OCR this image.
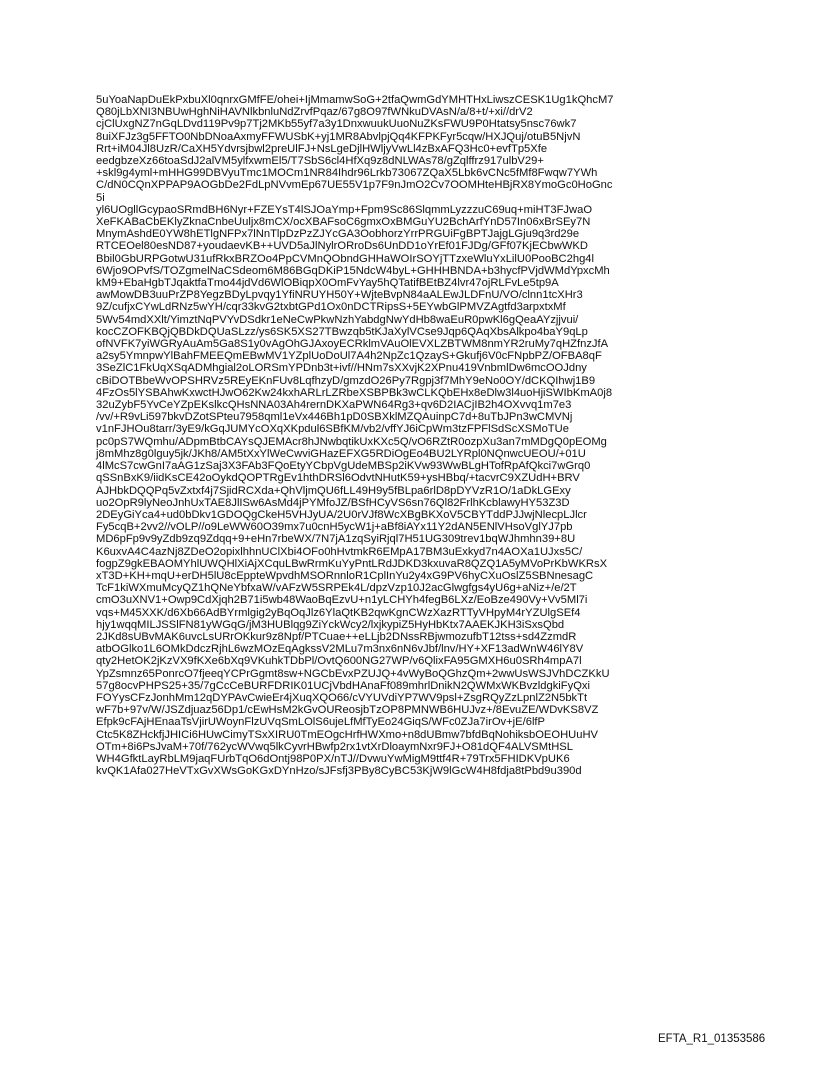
5uYoaNapDuEkPxbuXl0qnrxGMfFE/ohei+IjMmamwSoG+2tfaQwmGdYMHTHxLiwszCESK1Ug1kQhcM7
Q80jLbXNI3NBUwHghNiHAVNlkbnluNdZrvfPqaz/67g8O97fWNkuDVAsN/a/8+t/+xi//drV2
cjClUxgNZ7nGqLDvd119Pv9p7Tj2MKb55yf7a3y1DnxwuukUuoNuZKsFWU9P0Htatsy5nsc76wk7
8uiXFJz3g5FFTO0NbDNoaAxmyFFWUSbK+yj1MR8AbvlpjQq4KFPKFyr5cqw/HXJQuj/otuB5NjvN
Rrt+iM04Jl8UzR/CaXH5Ydvrsjbwl2preUlFJ+NsLgeDjlHWljyVwLl4zBxAFQ3Hc0+evfTp5Xfe
eedgbzeXz66toaSdJ2alVM5ylfxwmEl5/T7SbS6cl4HfXq9z8dNLWAs78/gZqlffrz917ulbV29+
+skl9g4yml+mHHG99DBVyuTmc1MOCm1NR84Ihdr96Lrkb73067ZQaX5Lbk6vCNc5fMf8Fwqw7YWh
C/dN0CQnXPPAP9AOGbDe2FdLpNVvmEp67UE55V1p7F9nJmO2Cv7OOMHteHBjRX8YmoGc0HoGnc
5i
yl6UOgllGcypaoSRmdBH6Nyr+FZEYsT4lSJOaYmp+Fpm9Sc86SlqmmLyzzzuC69uq+miHT3FJwaO
XeFKABaCbEKlyZknaCnbeUuljx8mCX/ocXBAFsoC6gmxOxBMGuYU2BchArfYnD57In06xBrSEy7N
MnymAshdE0YW8hETlgNFPx7lNnTlpDzPzZJYcGA3OobhorzYrrPRGUiFgBPTJajgLGju9q3rd29e
RTCEOel80esND87+youdaevKB++UVD5aJlNylrORroDs6UnDD1oYrEf01FJDg/GFf07KjECbwWKD
Bbil0GbURPGotwU31ufRkxBRZOo4PpCVMnQObndGHHaWOIrSOYjTTzxeWluYxLilU0PooBC2hg4l
6Wjo9OPvfS/TOZgmelNaCSdeom6M86BGqDKiP15NdcW4byL+GHHHBNDA+b3hycfPVjdWMdYpxcMh
kM9+EbaHgbTJqaktfaTmo44jdVd6WlOBiqpX0OmFvYay5hQTatifBEtBZ4lvr47ojRLFvLe5tp9A
awMowDB3uuPrZP8YegzBDyLpvqy1YfiNRUYH50Y+WjteBvpN84aALEwJLDFnU/VO/clnn1tcXHr3
9Z/cufjxCYwLdRNz5wYH/cqr33kvG2txbtGPd1Ox0nDCTRipsS+5EYwbGlPMVZAgtfd3arpxtxMf
5Wv54mdXXlt/YimztNqPVYvDSdkr1eNeCwPkwNzhYabdgNwYdHb8waEuR0pwKl6gQeaAYzjjvui/
kocCZOFKBQjQBDkDQUaSLzz/ys6SK5XS27TBwzqb5tKJaXylVCse9Jqp6QAqXbsAlkpo4baY9qLp
ofNVFK7yiWGRyAuAm5Ga8S1y0vAgOhGJAxoyECRklmVAuOlEVXLZBTWM8nmYR2ruMy7qHZfnzJfA
a2sy5YmnpwYlBahFMEEQmEBwMV1YZplUoDoUl7A4h2NpZc1QzayS+Gkufj6V0cFNpbPZ/OFBA8qF
3SeZlC1FkUqXSqADMhgial2oLORSmYPDnb3t+ivf//HNm7sXXvjK2XPnu419VnbmlDw6mcOOJdny
cBiDOTBbeWvOPSHRVz5REyEKnFUv8LqfhzyD/gmzdO26Py7Rgpj3f7MhY9eNo0OY/dCKQIhwj1B9
4FzOs5lYSBAhwKxwctHJwO62Kw24kxhARLrLZRbeXSBPBk3wCLKQbEHx8eDlw3l4uoHjiSWIbKmA0j8
32uZybF5YvCeYZpEKslkcQHsNNA03Ah4rernDKXaPWN64Rg3+qv6D2IACjIB2h4OXvvq1m7e3
/vv/+R9vLi597bkvDZotSPteu7958qml1eVx446Bh1pD0SBXklMZQAuinpC7d+8uTbJPn3wCMVNj
v1nFJHOu8tarr/3yE9/kGqJUMYcOXqXKpdul6SBfKM/vb2/vffYJ6iCpWm3tzFPFlSdScXSMoTUe
pc0pS7WQmhu/ADpmBtbCAYsQJEMAcr8hJNwbqtikUxKXc5Q/vO6RZtR0ozpXu3an7mMDgQ0pEOMg
j8mMhz8g0lguy5jk/JKh8/AM5tXxYlWeCwviGHazEFXG5RDiOgEo4BU2LYRpl0NQnwcUEOU/+01U
4lMcS7cwGnI7aAG1zSaj3X3FAb3FQoEtyYCbpVgUdeMBSp2iKVw93WwBLgHTofRpAfQkci7wGrq0
qSSnBxK9/iidKsCE42oOykdQOPTRgEv1hthDRSl6OdvtNHutK59+ysHBbq/+tacvrC9XZUdH+BRV
AJHbkDQQPq5vZxtxf4j7SjidRCXda+QhVljmQU6fLL49H9y5fBLpa6rlD8pDYVzR1O/1aDkLGExy
uo2OpR9lyNeoJnhUxTAE8JlISw6AsMd4jPYMfoJZ/BSfHCyVS6sn76Ql82FrlhKcblawyHY53Z3D
2DEyGiYca4+ud0bDkv1GDOQgCkeH5VHJyUA/2U0rVJf8WcXBgBKXoV5CBYTddPJJwjNlecpLJlcr
Fy5cqB+2vv2//vOLP//o9LeWW60O39mx7u0cnH5ycW1j+aBf8iAYx11Y2dAN5ENlVHsoVglYJ7pb
MD6pFp9v9yZdb9zq9Zdqq+9+eHn7rbeWX/7N7jA1zqSyiRjql7H51UG309trev1bqWJhmhn39+8U
K6uxvA4C4azNj8ZDeO2opixlhhnUClXbi4OFo0hHvtmkR6EMpA17BM3uExkyd7n4AOXa1UJxs5C/
fogpZ9gkEBAOMYhlUWQHlXiAjXCquLBwRrmKuYyPntLRdJDKD3kxuvaR8QZQ1A5yMVoPrKbWKRsX
xT3D+KH+mqU+erDH5lU8cEppteWpvdhMSORnnloR1CplInYu2y4xG9PV6hyCXuOslZ5SBNnesagC
TcF1kiWXmuMcyQZ1hQNeYbfxaW/vAFzW5SRPEk4L/dpzVzp10J2acGlwgfgs4yU6g+aNiz+/e/2T
cmO3uXNV1+Owp9CdXjqh2B71i5wb48WaoBqEzvU+n1yLCHYh4fegB6LXz/EoBze490Vy+Vv5Ml7i
vqs+M45XXK/d6Xb66AdBYrmlgig2yBqOqJlz6YlaQtKB2qwKgnCWzXazRTTyVHpyM4rYZUlgSEf4
hjy1wqqMILJSSlFN81yWGqG/jM3HUBlqg9ZiYckWcy2/lxjkypiZ5HyHbKtx7AAEKJKH3iSxsQbd
2JKd8sUBvMAK6uvcLsURrOKkur9z8Npf/PTCuae++eLLjb2DNssRBjwmozufbT12tss+sd4ZzmdR
atbOGlko1L6OMkDdczRjhL6wzMOzEqAgkssV2MLu7m3nx6nN6vJbf/lnv/HY+XF13adWnW46lY8V
qty2HetOK2jKzVX9fKXe6bXq9VKuhkTDbPl/OvtQ600NG27WP/v6QlixFA95GMXH6u0SRh4mpA7l
YpZsmnz65PonrcO7fjeeqYCPrGgmt8sw+NGCbEvxPZUJQ+4vWyBoQGhzQm+2wwUsWSJVhDCZKkU
57g8ocvPHPS25+35/7gCcCeBURFDRIK01UCjVbdHAnaFf089mhrlDnikN2QWMxWKBvzldgkiFyQxi
FOYysCFzJonhMm12qDYPAvCwieEr4jXuqXQO66/cVYUVdiYP7WV9psl+ZsgRQyZzLpnlZ2N5bkTt
wF7b+97v/W/JSZdjuaz56Dp1/cEwHsM2kGvOUReosjbTzOP8PMNWB6HUJvz+/8EvuZE/WDvKS8VZ
Efpk9cFAjHEnaaTsVjirUWoynFlzUVqSmLOlS6ujeLfMfTyEo24GiqS/WFc0ZJa7irOv+jE/6lfP
Ctc5K8ZHckfjJHICi6HUwCimyTSxXIRU0TmEOgcHrfHWXmo+n8dUBmw7bfdBqNohiksbOEOHUuHV
OTm+8i6PsJvaM+70f/762ycWVwq5lkCyvrHBwfp2rx1vtXrDloaymNxr9FJ+O81dQF4ALVSMtHSL
WH4GfktLayRbLM9jaqFUrbTqO6dOntj98P0PX/nTJ//DvwuYwMigM9ttf4R+79Trx5FHIDKVpUK6
kvQK1Afa027HeVTxGvXWsGoKGxDYnHzo/sJFsfj3PBy8CyBC53KjW9lGcW4H8fdja8tPbd9u390d
EFTA_R1_01353586
